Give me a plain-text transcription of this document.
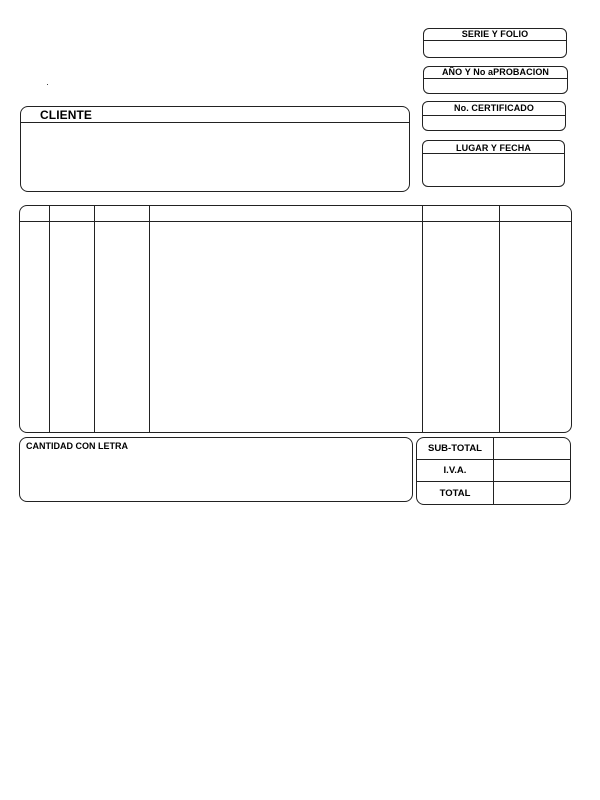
SERIE Y FOLIO
AÑO Y No aPROBACION
No. CERTIFICADO
LUGAR Y FECHA
CLIENTE
CANTIDAD CON LETRA	SUB-TOTAL
I.V.A.
TOTAL
